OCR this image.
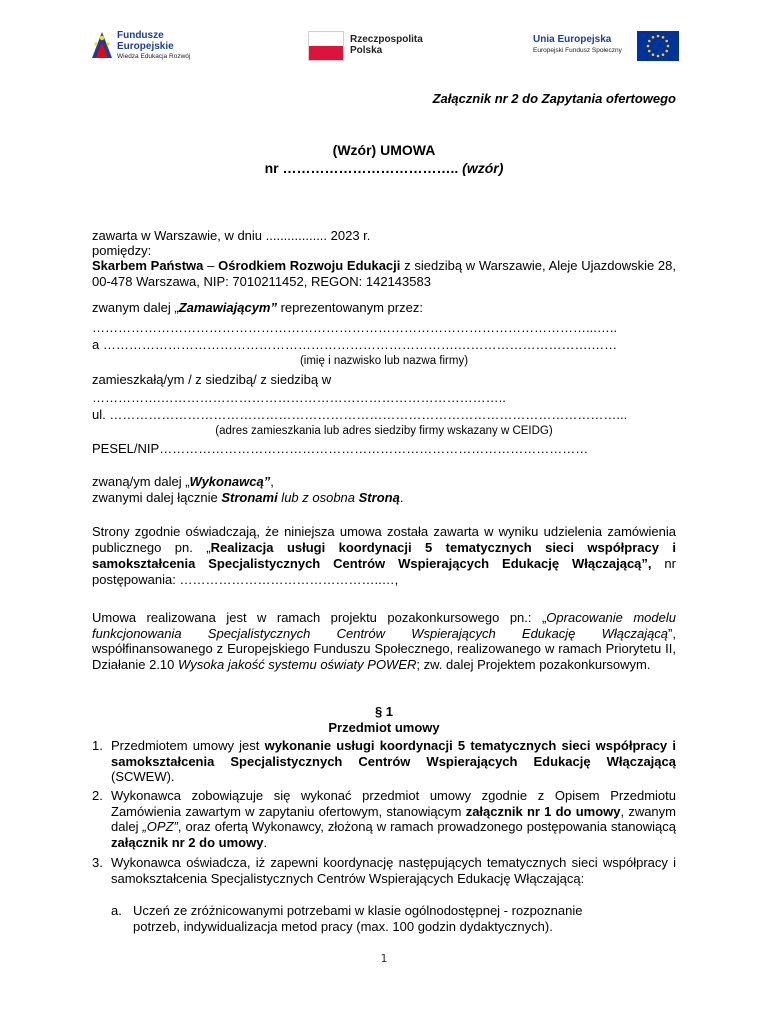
Fundusze
Europejskie
Wiedza Edukacja Rozwój
Rzeczpospolita
Polska
Unia Europejska
Europejski Fundusz Społeczny
Załącznik nr 2 do Zapytania ofertowego
(Wzór) UMOWA
nr ……………………………….. (wzór)
zawarta w Warszawie, w dniu ................. 2023 r.
pomiędzy:
Skarbem Państwa – Ośrodkiem Rozwoju Edukacji z siedzibą w Warszawie, Aleje Ujazdowskie 28, 00-478 Warszawa, NIP: 7010211452, REGON: 142143583
zwanym dalej „Zamawiającym” reprezentowanym przez:
……………………………………………………………………………………………………...…..
a ……………………………………………………………………….………………………….……
(imię i nazwisko lub nazwa firmy)
zamieszkałą/ym / z siedzibą/ z siedzibą w
…………….……………………………………………………………………..
ul. ………………………………………………………………………………………………………...
(adres zamieszkania lub adres siedziby firmy wskazany w CEIDG)
PESEL/NIP………………………………………………………………………………………
zwaną/ym dalej „Wykonawcą”,
zwanymi dalej łącznie Stronami lub z osobna Stroną.
Strony zgodnie oświadczają, że niniejsza umowa została zawarta w wyniku udzielenia zamówienia publicznego pn. „Realizacja usługi koordynacji 5 tematycznych sieci współpracy i samokształcenia Specjalistycznych Centrów Wspierających Edukację Włączającą”, nr postępowania: ………………………………………..…,
Umowa realizowana jest w ramach projektu pozakonkursowego pn.: „Opracowanie modelu funkcjonowania Specjalistycznych Centrów Wspierających Edukację Włączającą”, współfinansowanego z Europejskiego Funduszu Społecznego, realizowanego w ramach Priorytetu II, Działanie 2.10 Wysoka jakość systemu oświaty POWER; zw. dalej Projektem pozakonkursowym.
§ 1
Przedmiot umowy
1. Przedmiotem umowy jest wykonanie usługi koordynacji 5 tematycznych sieci współpracy i samokształcenia Specjalistycznych Centrów Wspierających Edukację Włączającą (SCWEW).
2. Wykonawca zobowiązuje się wykonać przedmiot umowy zgodnie z Opisem Przedmiotu Zamówienia zawartym w zapytaniu ofertowym, stanowiącym załącznik nr 1 do umowy, zwanym dalej „OPZ”, oraz ofertą Wykonawcy, złożoną w ramach prowadzonego postępowania stanowiącą załącznik nr 2 do umowy.
3. Wykonawca oświadcza, iż zapewni koordynację następujących tematycznych sieci współpracy i samokształcenia Specjalistycznych Centrów Wspierających Edukację Włączającą:
a. Uczeń ze zróżnicowanymi potrzebami w klasie ogólnodostępnej - rozpoznanie potrzeb, indywidualizacja metod pracy (max. 100 godzin dydaktycznych).
1
